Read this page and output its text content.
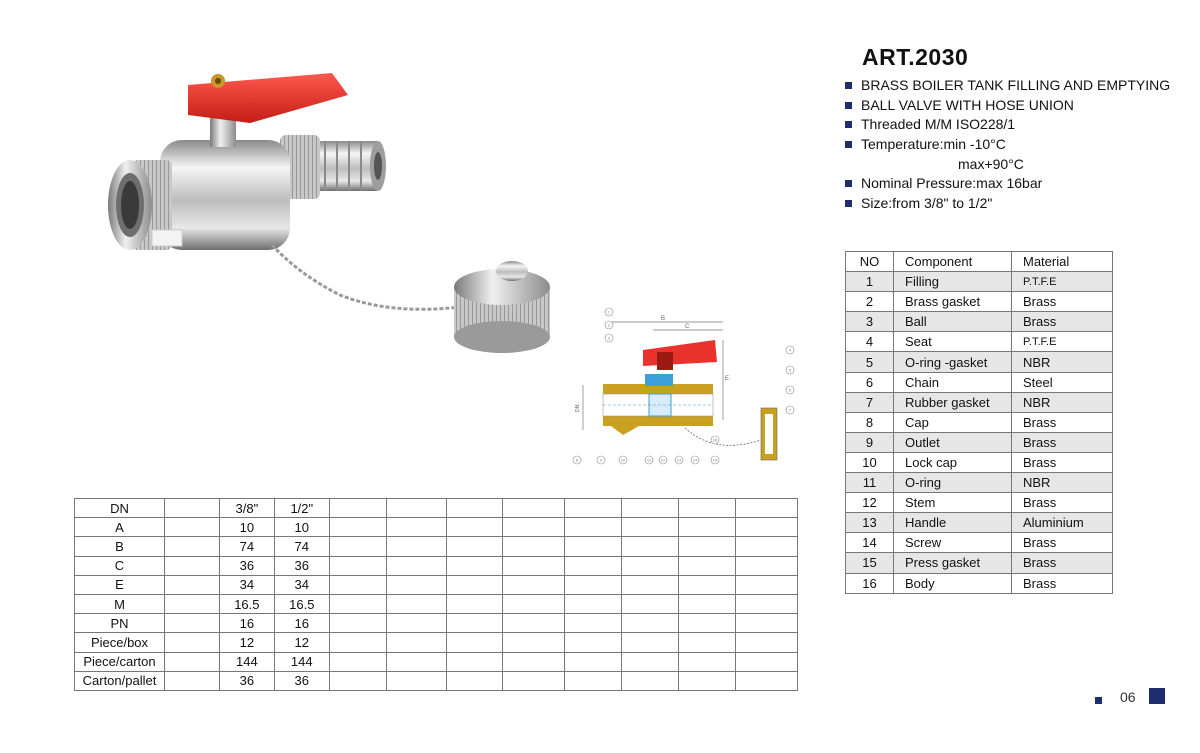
B
C
E
DN
1
2
3
4
5
6
7
8	9	10	11 12	13	14	15
16
ART.2030
BRASS BOILER TANK FILLING AND EMPTYING
BALL VALVE WITH HOSE UNION
Threaded M/M ISO228/1
Temperature:min -10°C
max+90°C
Nominal Pressure:max 16bar
Size:from 3/8" to 1/2"
NO	Component	Material
1	Filling	P.T.F.E
2	Brass gasket	Brass
3	Ball	Brass
4	Seat	P.T.F.E
5	O-ring -gasket	NBR
6	Chain	Steel
7	Rubber gasket	NBR
8	Cap	Brass
9	Outlet	Brass
10	Lock cap	Brass
11	O-ring	NBR
12	Stem	Brass
13	Handle	Aluminium
14	Screw	Brass
15	Press gasket	Brass
16	Body	Brass
DN		3/8"	1/2"								
A		10	10								
B		74	74								
C		36	36								
E		34	34								
M		16.5	16.5								
PN		16	16								
Piece/box		12	12								
Piece/carton		144	144								
Carton/pallet		36	36								
06
